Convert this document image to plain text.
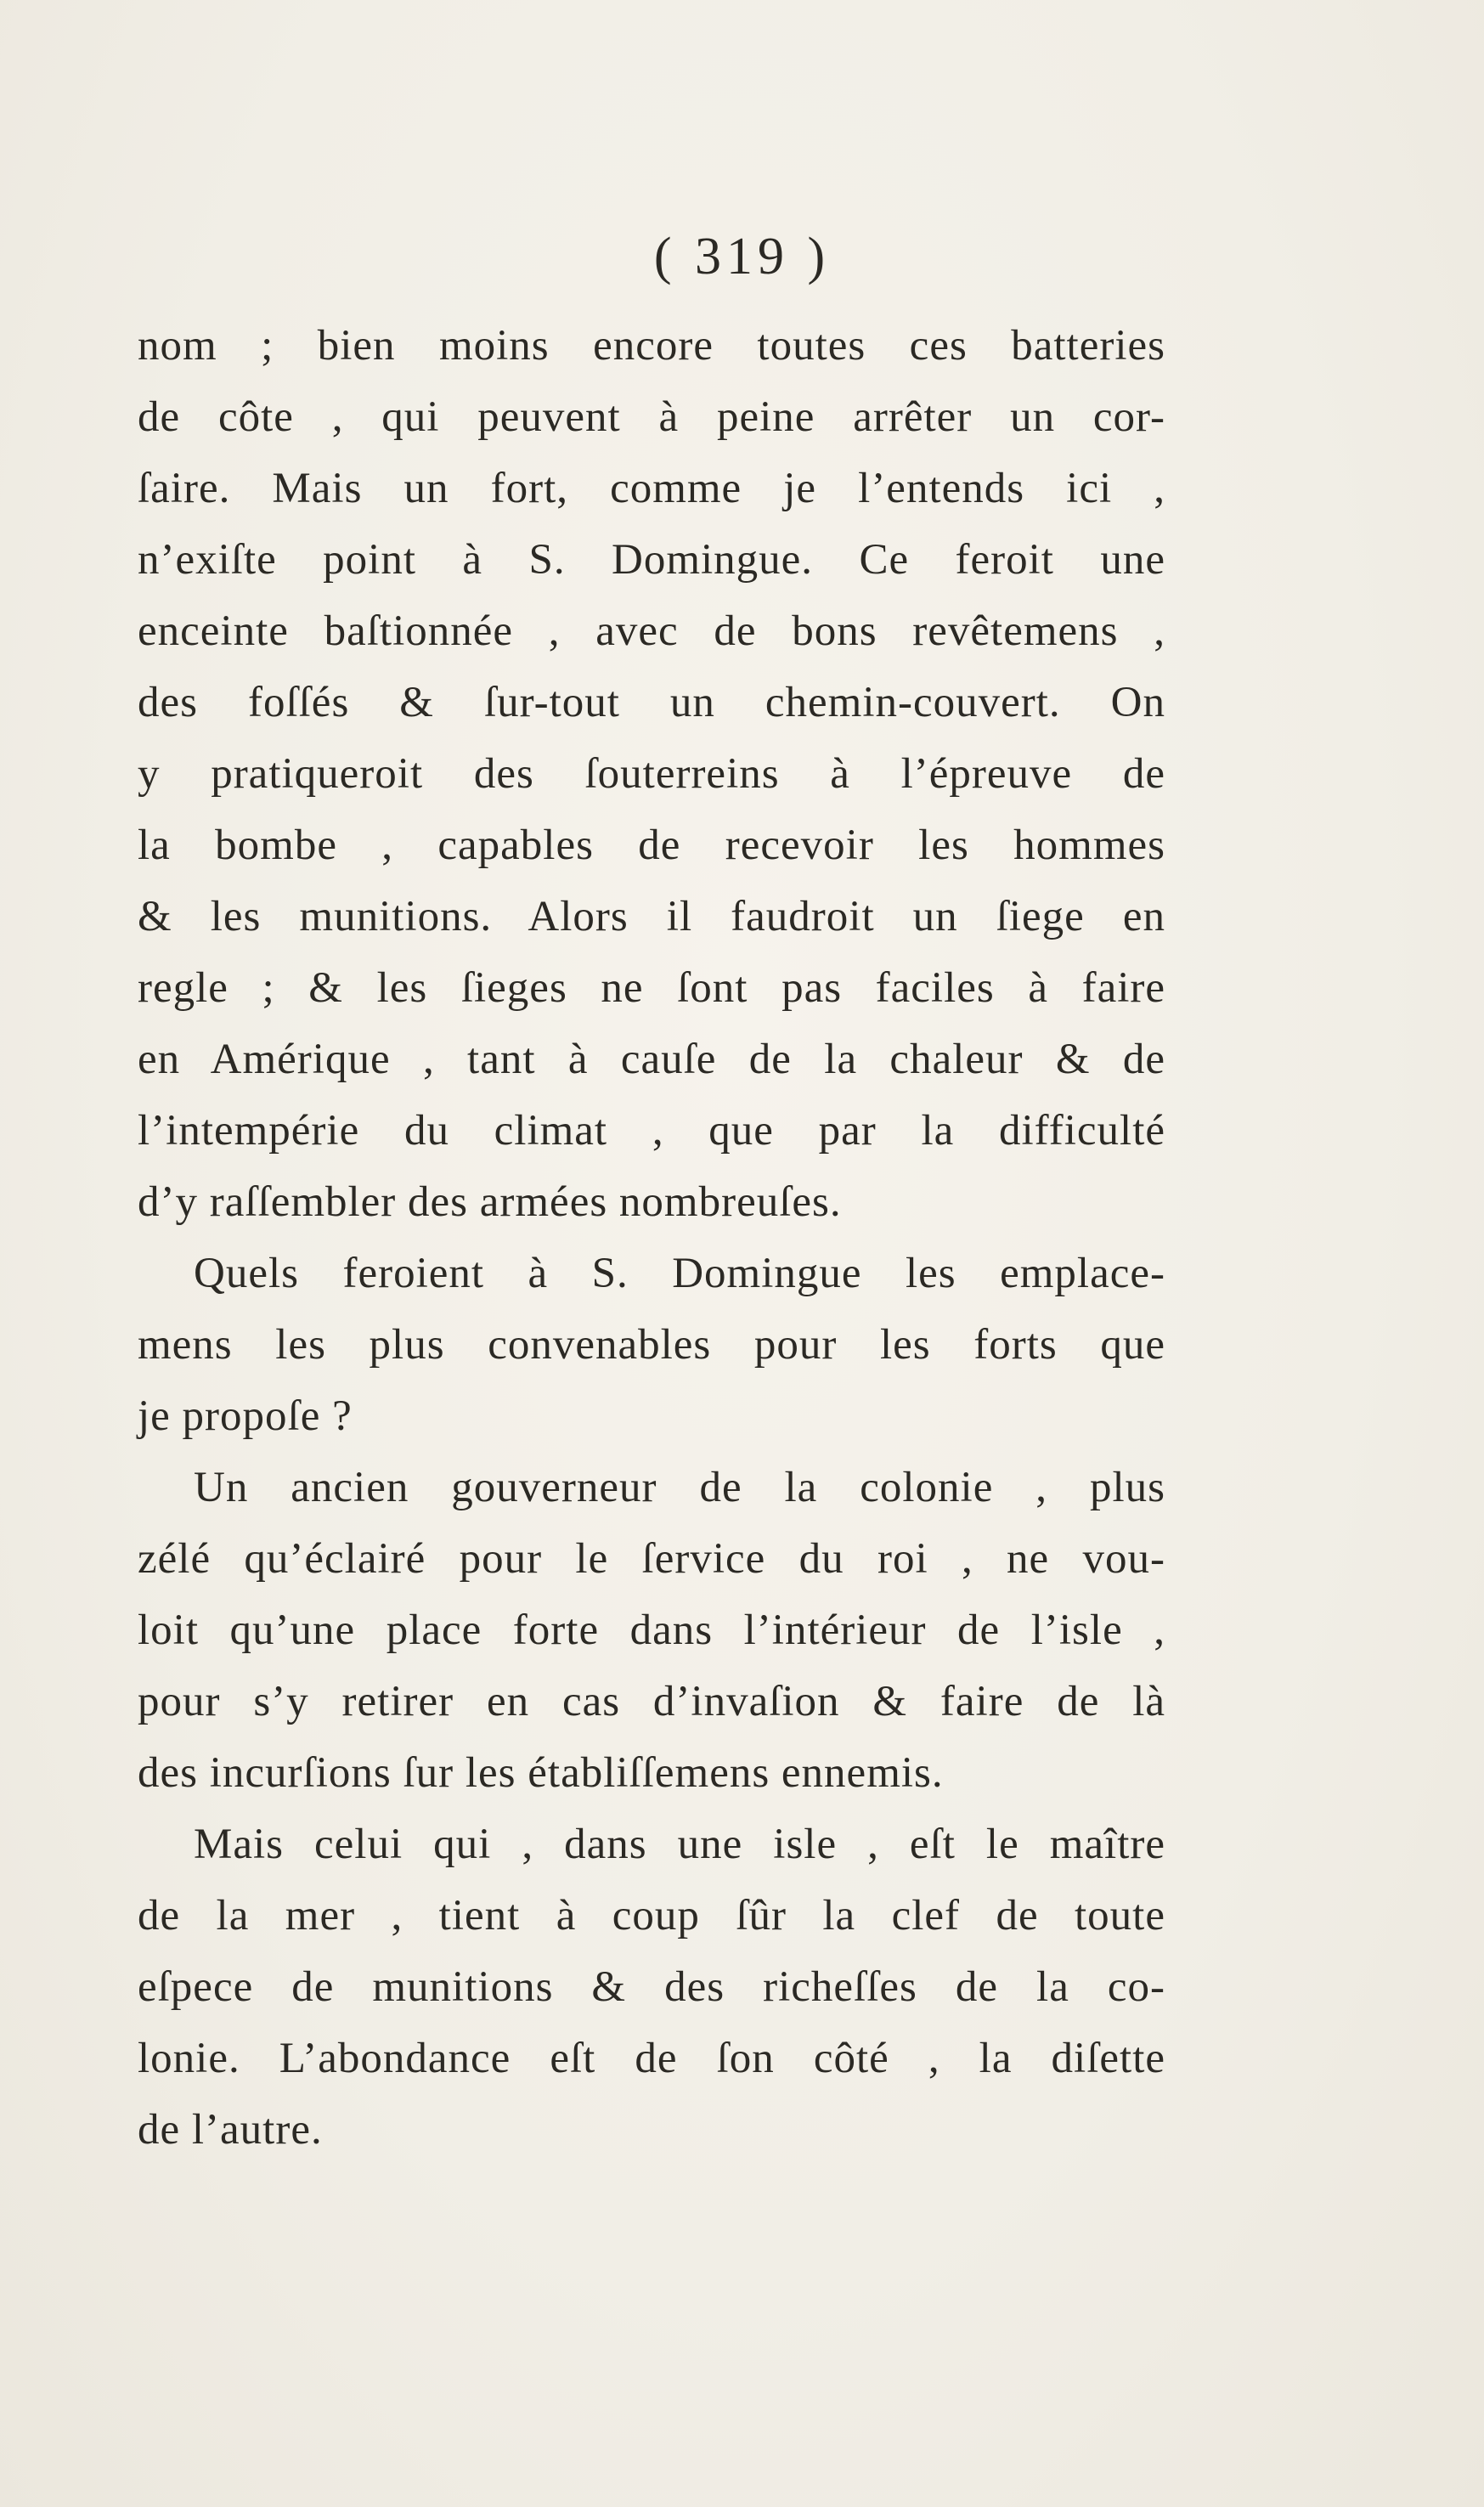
( 319 )
nom ; bien moins encore toutes ces batteries
de côte , qui peuvent à peine arrêter un cor-
ſaire. Mais un fort, comme je l’entends ici ,
n’exiſte point à S. Domingue. Ce feroit une
enceinte baſtionnée , avec de bons revêtemens ,
des foſſés & ſur-tout un chemin-couvert. On
y pratiqueroit des ſouterreins à l’épreuve de
la bombe , capables de recevoir les hommes
& les munitions. Alors il faudroit un ſiege en
regle ; & les ſieges ne ſont pas faciles à faire
en Amérique , tant à cauſe de la chaleur & de
l’intempérie du climat , que par la difficulté
d’y raſſembler des armées nombreuſes.
Quels feroient à S. Domingue les emplace-
mens les plus convenables pour les forts que
je propoſe ?
Un ancien gouverneur de la colonie , plus
zélé qu’éclairé pour le ſervice du roi , ne vou-
loit qu’une place forte dans l’intérieur de l’isle ,
pour s’y retirer en cas d’invaſion & faire de là
des incurſions ſur les établiſſemens ennemis.
Mais celui qui , dans une isle , eſt le maître
de la mer , tient à coup ſûr la clef de toute
eſpece de munitions & des richeſſes de la co-
lonie. L’abondance eſt de ſon côté , la diſette
de l’autre.
